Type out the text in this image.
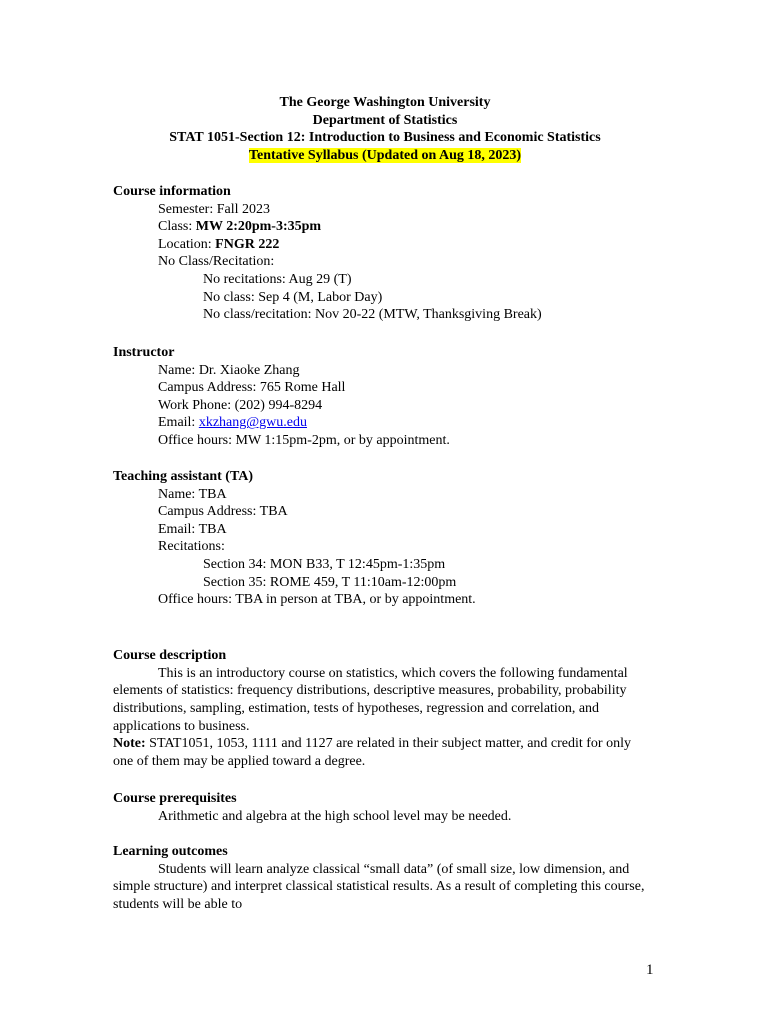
The George Washington University
Department of Statistics
STAT 1051-Section 12: Introduction to Business and Economic Statistics
Tentative Syllabus (Updated on Aug 18, 2023)
Course information
Semester: Fall 2023
Class: MW 2:20pm-3:35pm
Location: FNGR 222
No Class/Recitation:
No recitations: Aug 29 (T)
No class: Sep 4 (M, Labor Day)
No class/recitation: Nov 20-22 (MTW, Thanksgiving Break)
Instructor
Name: Dr. Xiaoke Zhang
Campus Address: 765 Rome Hall
Work Phone: (202) 994-8294
Email: xkzhang@gwu.edu
Office hours: MW 1:15pm-2pm, or by appointment.
Teaching assistant (TA)
Name: TBA
Campus Address: TBA
Email: TBA
Recitations:
Section 34: MON B33, T 12:45pm-1:35pm
Section 35: ROME 459, T 11:10am-12:00pm
Office hours: TBA in person at TBA, or by appointment.
Course description
This is an introductory course on statistics, which covers the following fundamental elements of statistics: frequency distributions, descriptive measures, probability, probability distributions, sampling, estimation, tests of hypotheses, regression and correlation, and applications to business.
Note: STAT1051, 1053, 1111 and 1127 are related in their subject matter, and credit for only one of them may be applied toward a degree.
Course prerequisites
Arithmetic and algebra at the high school level may be needed.
Learning outcomes
Students will learn analyze classical “small data” (of small size, low dimension, and simple structure) and interpret classical statistical results. As a result of completing this course, students will be able to
1
